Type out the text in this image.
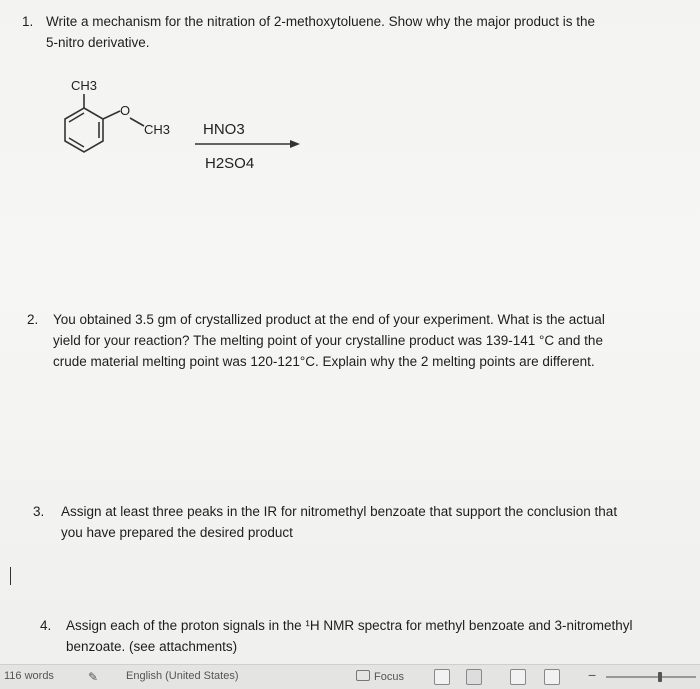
1. Write a mechanism for the nitration of 2-methoxytoluene. Show why the major product is the
5-nitro derivative.
CH3
O
CH3 HNO3
H2SO4
2. You obtained 3.5 gm of crystallized product at the end of your experiment. What is the actual
yield for your reaction? The melting point of your crystalline product was 139-141 °C and the
crude material melting point was 120-121°C. Explain why the 2 melting points are different.
3. Assign at least three peaks in the IR for nitromethyl benzoate that support the conclusion that
you have prepared the desired product
4. Assign each of the proton signals in the ¹H NMR spectra for methyl benzoate and 3-nitromethyl
benzoate. (see attachments)
116 words	✎	English (United States)	Focus	−
